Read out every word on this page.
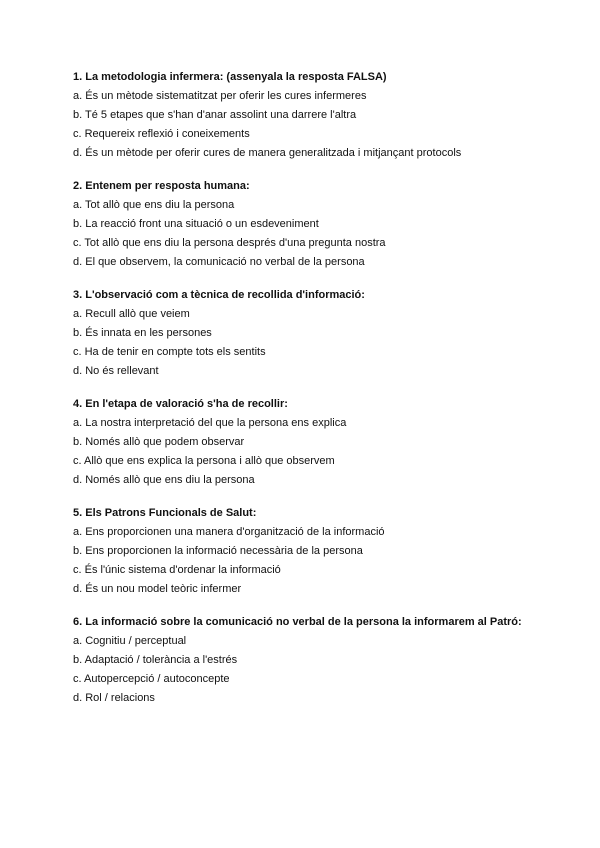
1. La metodologia infermera: (assenyala la resposta FALSA)
a. És un mètode sistematitzat per oferir les cures infermeres
b. Té 5 etapes que s'han d'anar assolint una darrere l'altra
c. Requereix reflexió i coneixements
d. És un mètode per oferir cures de manera generalitzada i mitjançant protocols
2. Entenem per resposta humana:
a. Tot allò que ens diu la persona
b. La reacció front una situació o un esdeveniment
c. Tot allò que ens diu la persona després d'una pregunta nostra
d. El que observem, la comunicació no verbal de la persona
3. L'observació com a tècnica de recollida d'informació:
a. Recull allò que veiem
b. És innata en les persones
c. Ha de tenir en compte tots els sentits
d. No és rellevant
4. En l'etapa de valoració s'ha de recollir:
a. La nostra interpretació del que la persona ens explica
b. Només allò que podem observar
c. Allò que ens explica la persona i allò que observem
d. Només allò que ens diu la persona
5. Els Patrons Funcionals de Salut:
a. Ens proporcionen una manera d'organització de la informació
b. Ens proporcionen la informació necessària de la persona
c. És l'únic sistema d'ordenar la informació
d. És un nou model teòric infermer
6. La informació sobre la comunicació no verbal de la persona la informarem al Patró:
a. Cognitiu / perceptual
b. Adaptació / tolerància a l'estrés
c. Autopercepció / autoconcepte
d. Rol / relacions
